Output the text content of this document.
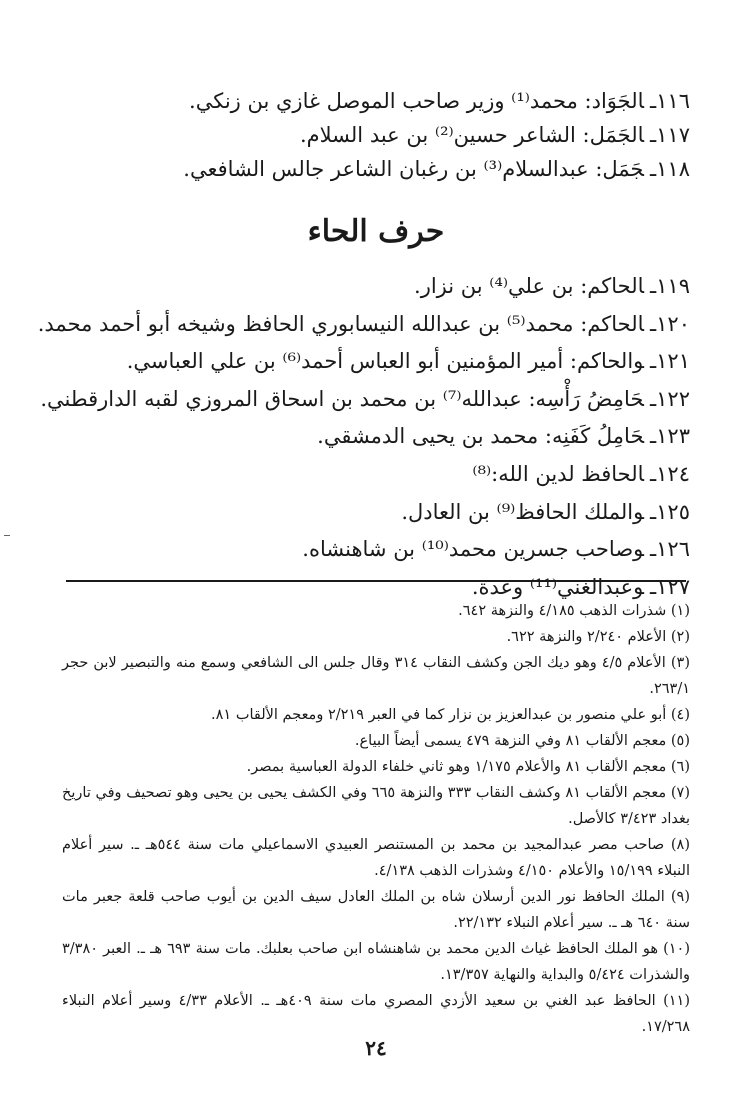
١١٦ـالجَوَاد: محمد⁽¹⁾ وزير صاحب الموصل غازي بن زنكي.
١١٧ـالجَمَل: الشاعر حسين⁽²⁾ بن عبد السلام.
١١٨ـجَمَل: عبدالسلام⁽³⁾ بن رغبان الشاعر جالس الشافعي.
حرف الحاء
١١٩ـالحاكم: بن علي⁽⁴⁾ بن نزار.
١٢٠ـالحاكم: محمد⁽⁵⁾ بن عبدالله النيسابوري الحافظ وشيخه أبو أحمد محمد.
١٢١ـوالحاكم: أمير المؤمنين أبو العباس أحمد⁽⁶⁾ بن علي العباسي.
١٢٢ـحَامِضُ رَأْسِه: عبدالله⁽⁷⁾ بن محمد بن اسحاق المروزي لقبه الدارقطني.
١٢٣ـحَامِلُ كَفَنِه: محمد بن يحيى الدمشقي.
١٢٤ـالحافظ لدين الله:⁽⁸⁾
١٢٥ـوالملك الحافظ⁽⁹⁾ بن العادل.
١٢٦ـوصاحب جسرين محمد⁽¹⁰⁾ بن شاهنشاه.
١٢٧ـوعبدالغني⁽¹¹⁾ وعدة.
(١) شذرات الذهب ٤/١٨٥ والنزهة ٦٤٢.
(٢) الأعلام ٢/٢٤٠ والنزهة ٦٢٢.
(٣) الأعلام ٤/٥ وهو ديك الجن وكشف النقاب ٣١٤ وقال جلس الى الشافعي وسمع منه والتبصير لابن حجر ٢٦٣/١.
(٤) أبو علي منصور بن عبدالعزيز بن نزار كما في العبر ٢/٢١٩ ومعجم الألقاب ٨١.
(٥) معجم الألقاب ٨١ وفي النزهة ٤٧٩ يسمى أيضاً البياع.
(٦) معجم الألقاب ٨١ والأعلام ١/١٧٥ وهو ثاني خلفاء الدولة العباسية بمصر.
(٧) معجم الألقاب ٨١ وكشف النقاب ٣٣٣ والنزهة ٦٦٥ وفي الكشف يحيى بن يحيى وهو تصحيف وفي تاريخ بغداد ٣/٤٢٣ كالأصل.
(٨) صاحب مصر عبدالمجيد بن محمد بن المستنصر العبيدي الاسماعيلي مات سنة ٥٤٤هـ ـ. سير أعلام النبلاء ١٥/١٩٩ والأعلام ٤/١٥٠ وشذرات الذهب ٤/١٣٨.
(٩) الملك الحافظ نور الدين أرسلان شاه بن الملك العادل سيف الدين بن أيوب صاحب قلعة جعبر مات سنة ٦٤٠ هـ ـ. سير أعلام النبلاء ٢٢/١٣٢.
(١٠) هو الملك الحافظ غياث الدين محمد بن شاهنشاه ابن صاحب بعلبك. مات سنة ٦٩٣ هـ ـ. العبر ٣/٣٨٠ والشذرات ٥/٤٢٤ والبداية والنهاية ١٣/٣٥٧.
(١١) الحافظ عبد الغني بن سعيد الأزدي المصري مات سنة ٤٠٩هـ ـ. الأعلام ٤/٣٣ وسير أعلام النبلاء ١٧/٢٦٨.
٢٤
